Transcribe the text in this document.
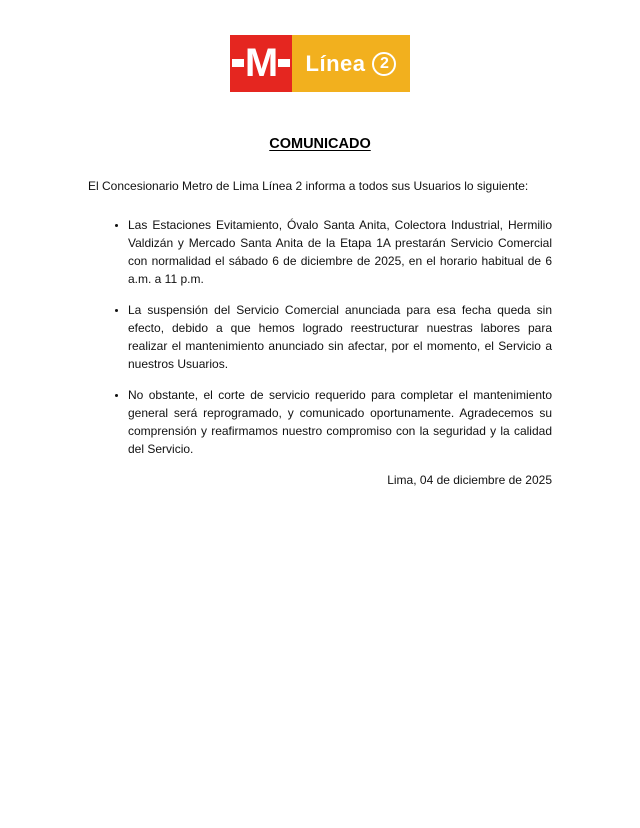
M Línea 2
COMUNICADO

El Concesionario Metro de Lima Línea 2 informa a todos sus Usuarios lo siguiente:

• Las Estaciones Evitamiento, Óvalo Santa Anita, Colectora Industrial, Hermilio Valdizán y Mercado Santa Anita de la Etapa 1A prestarán Servicio Comercial con normalidad el sábado 6 de diciembre de 2025, en el horario habitual de 6 a.m. a 11 p.m.
• La suspensión del Servicio Comercial anunciada para esa fecha queda sin efecto, debido a que hemos logrado reestructurar nuestras labores para realizar el mantenimiento anunciado sin afectar, por el momento, el Servicio a nuestros Usuarios.
• No obstante, el corte de servicio requerido para completar el mantenimiento general será reprogramado, y comunicado oportunamente. Agradecemos su comprensión y reafirmamos nuestro compromiso con la seguridad y la calidad del Servicio.
Lima, 04 de diciembre de 2025
